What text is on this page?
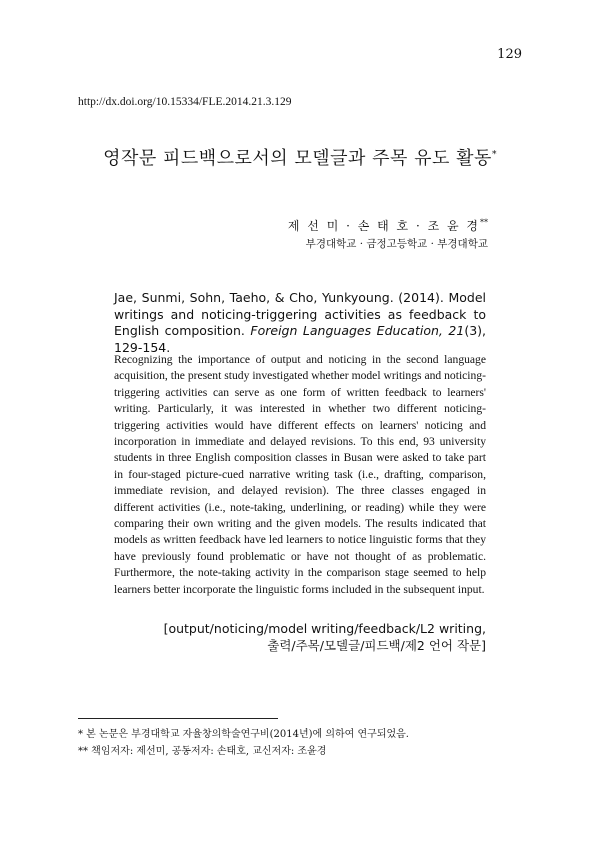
129
http://dx.doi.org/10.15334/FLE.2014.21.3.129
영작문 피드백으로서의 모델글과 주목 유도 활동*
제 선 미 · 손 태 호 · 조 윤 경**
부경대학교 · 금정고등학교 · 부경대학교
Jae, Sunmi, Sohn, Taeho, & Cho, Yunkyoung. (2014). Model writings and noticing-triggering activities as feedback to English composition. Foreign Languages Education, 21(3), 129-154.
Recognizing the importance of output and noticing in the second language acquisition, the present study investigated whether model writings and noticing-triggering activities can serve as one form of written feedback to learners' writing. Particularly, it was interested in whether two different noticing-triggering activities would have different effects on learners' noticing and incorporation in immediate and delayed revisions. To this end, 93 university students in three English composition classes in Busan were asked to take part in four-staged picture-cued narrative writing task (i.e., drafting, comparison, immediate revision, and delayed revision). The three classes engaged in different activities (i.e., note-taking, underlining, or reading) while they were comparing their own writing and the given models. The results indicated that models as written feedback have led learners to notice linguistic forms that they have previously found problematic or have not thought of as problematic. Furthermore, the note-taking activity in the comparison stage seemed to help learners better incorporate the linguistic forms included in the subsequent input.
[output/noticing/model writing/feedback/L2 writing,
출력/주목/모델글/피드백/제2 언어 작문]
* 본 논문은 부경대학교 자율창의학술연구비(2014년)에 의하여 연구되었음.
** 책임저자: 제선미, 공동저자: 손태호, 교신저자: 조윤경
